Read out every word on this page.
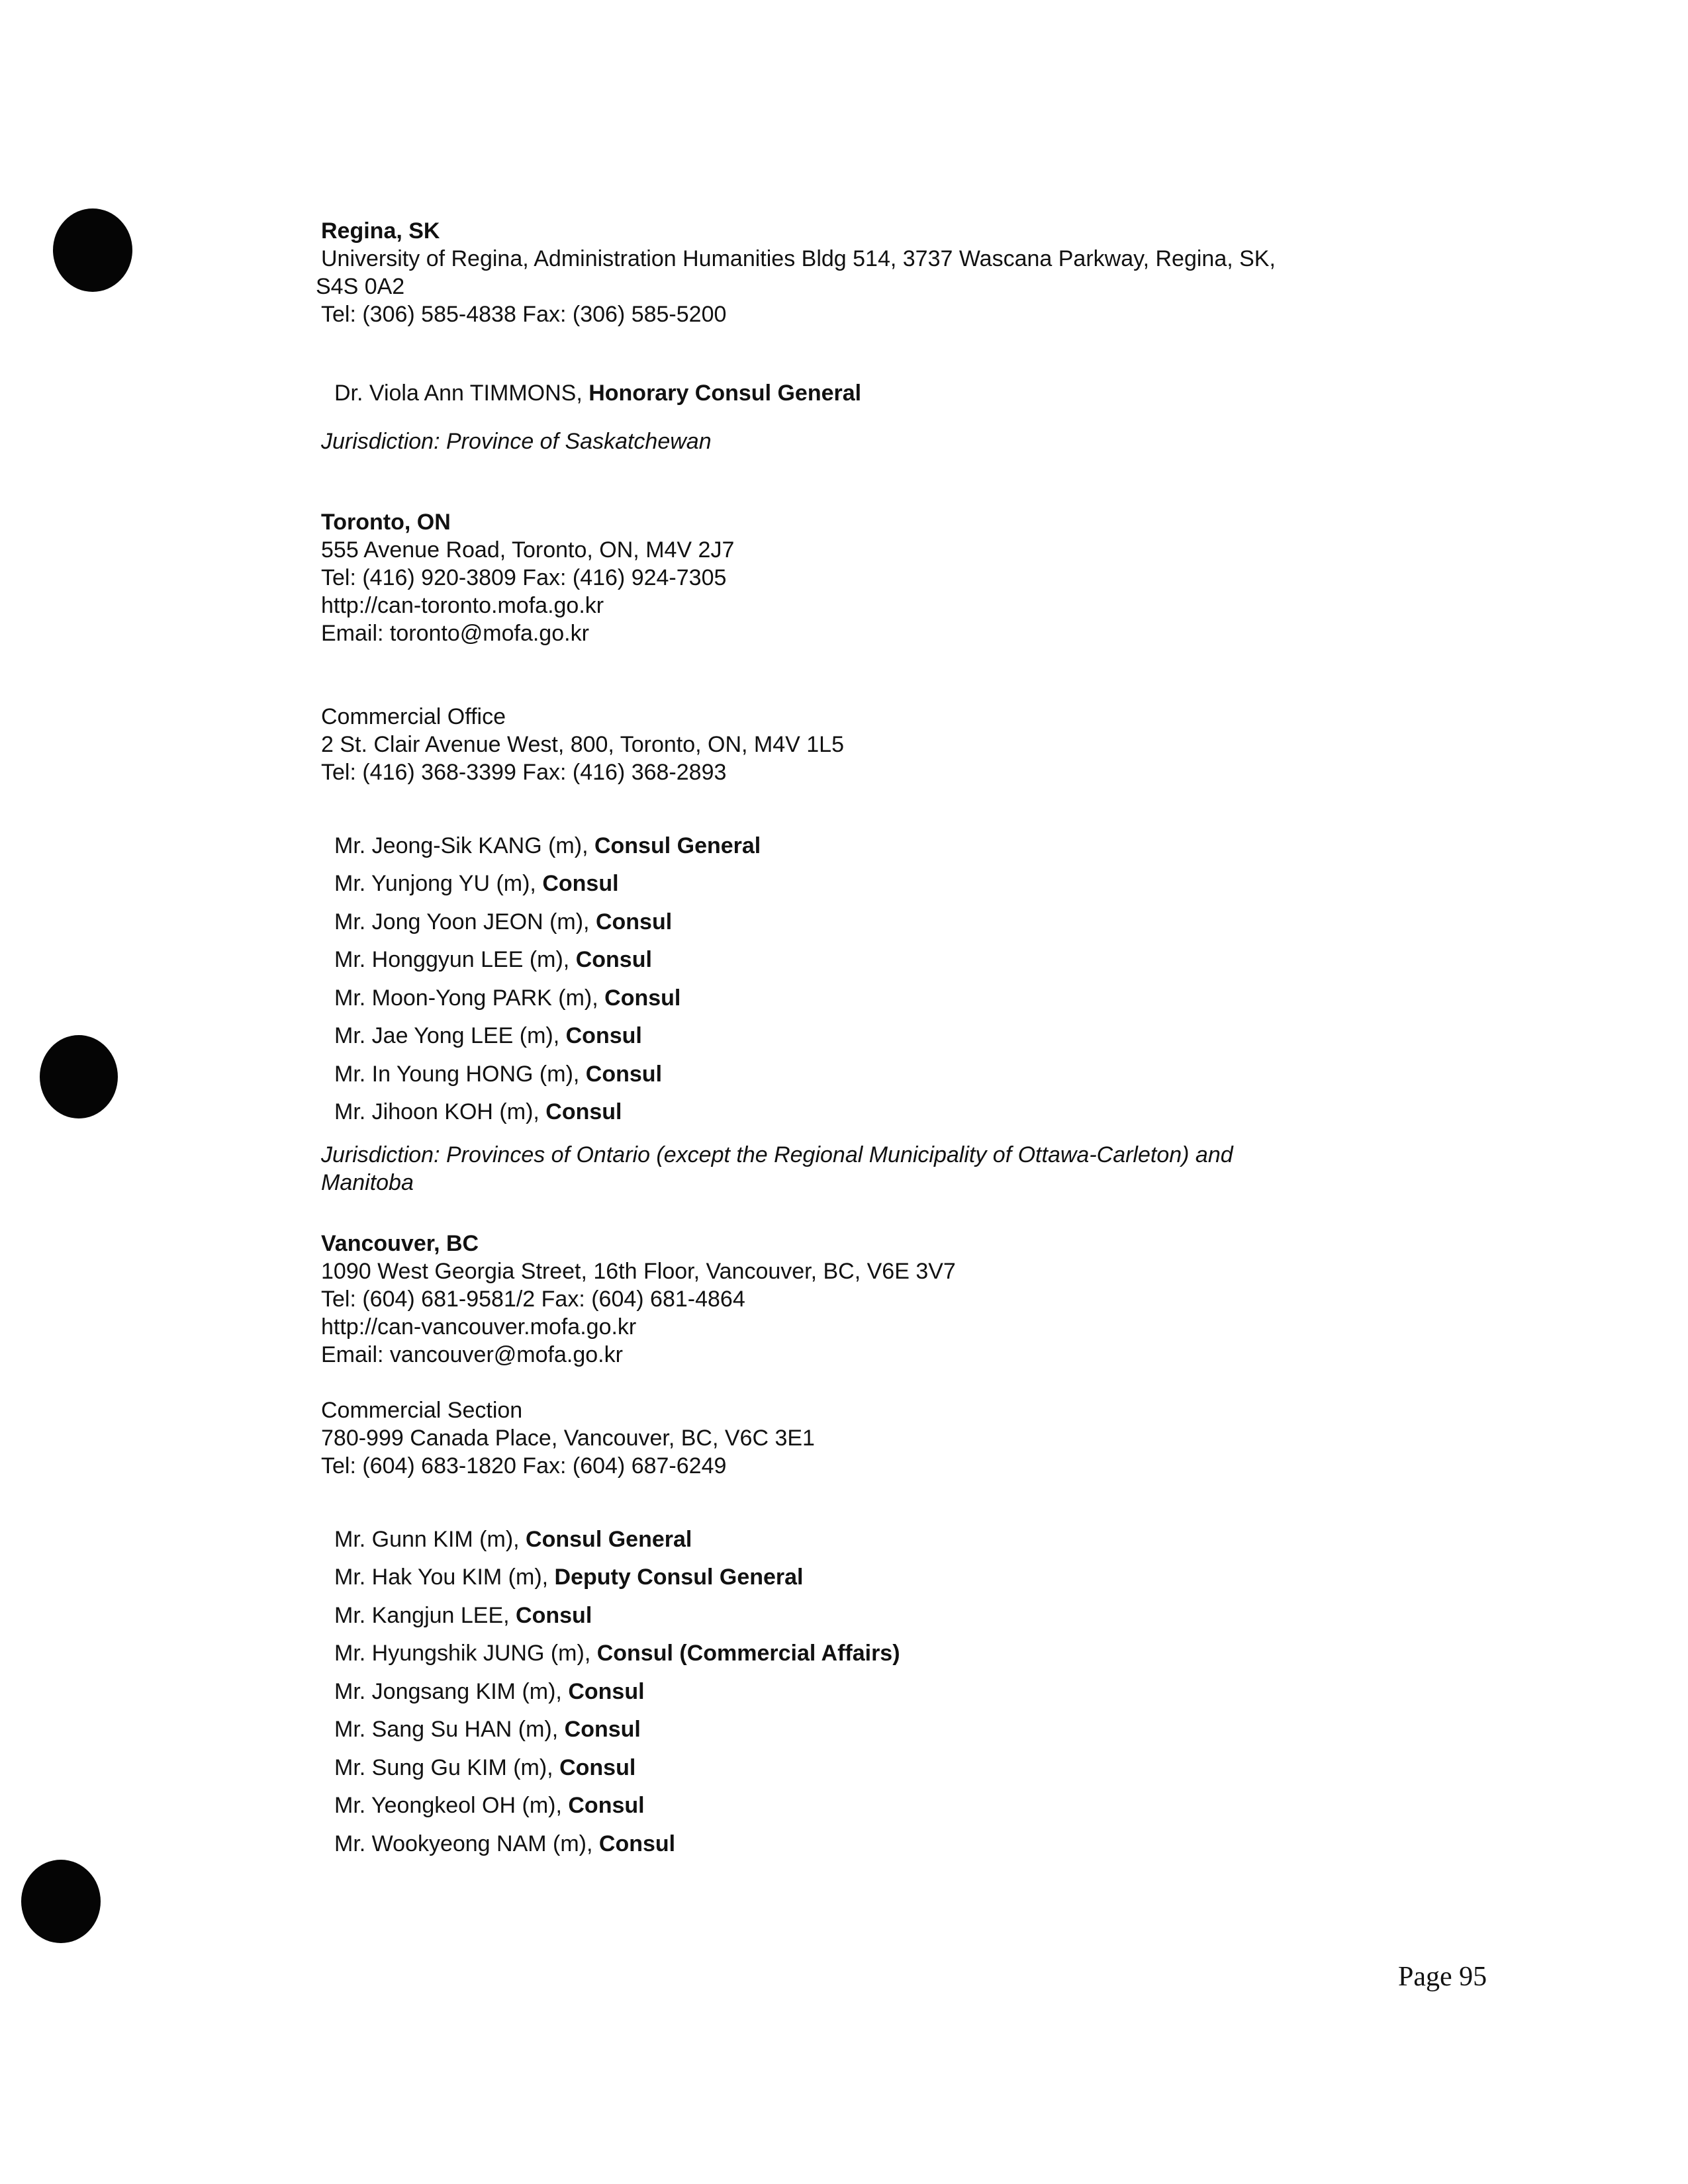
Regina, SK
University of Regina, Administration Humanities Bldg 514, 3737 Wascana Parkway, Regina, SK,
S4S 0A2
Tel: (306) 585-4838 Fax: (306) 585-5200
Dr. Viola Ann TIMMONS, Honorary Consul General
Jurisdiction: Province of Saskatchewan
Toronto, ON
555 Avenue Road, Toronto, ON, M4V 2J7
Tel: (416) 920-3809 Fax: (416) 924-7305
http://can-toronto.mofa.go.kr
Email: toronto@mofa.go.kr
Commercial Office
2 St. Clair Avenue West, 800, Toronto, ON, M4V 1L5
Tel: (416) 368-3399 Fax: (416) 368-2893
Mr. Jeong-Sik KANG (m), Consul General
Mr. Yunjong YU (m), Consul
Mr. Jong Yoon JEON (m), Consul
Mr. Honggyun LEE (m), Consul
Mr. Moon-Yong PARK (m), Consul
Mr. Jae Yong LEE (m), Consul
Mr. In Young HONG (m), Consul
Mr. Jihoon KOH (m), Consul
Jurisdiction: Provinces of Ontario (except the Regional Municipality of Ottawa-Carleton) and
Manitoba
Vancouver, BC
1090 West Georgia Street, 16th Floor, Vancouver, BC, V6E 3V7
Tel: (604) 681-9581/2 Fax: (604) 681-4864
http://can-vancouver.mofa.go.kr
Email: vancouver@mofa.go.kr
Commercial Section
780-999 Canada Place, Vancouver, BC, V6C 3E1
Tel: (604) 683-1820 Fax: (604) 687-6249
Mr. Gunn KIM (m), Consul General
Mr. Hak You KIM (m), Deputy Consul General
Mr. Kangjun LEE, Consul
Mr. Hyungshik JUNG (m), Consul (Commercial Affairs)
Mr. Jongsang KIM (m), Consul
Mr. Sang Su HAN (m), Consul
Mr. Sung Gu KIM (m), Consul
Mr. Yeongkeol OH (m), Consul
Mr. Wookyeong NAM (m), Consul
Page 95
